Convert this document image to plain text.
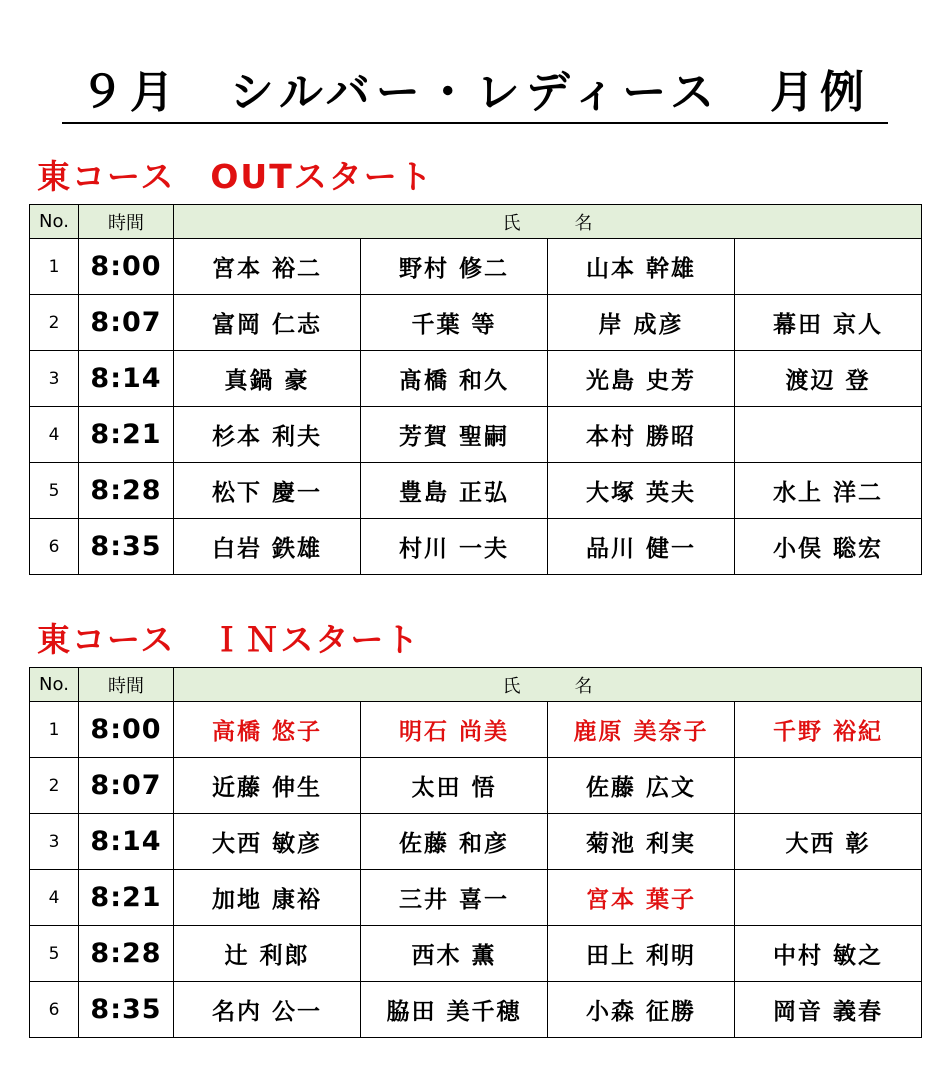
９月　シルバー・レディース　月例
東コース　OUTスタート
No.	時間	氏　　　名			
1	8:00	宮本 裕二	野村 修二	山本 幹雄	
2	8:07	富岡 仁志	千葉 等	岸 成彦	幕田 京人
3	8:14	真鍋 豪	髙橋 和久	光島 史芳	渡辺 登
4	8:21	杉本 利夫	芳賀 聖嗣	本村 勝昭	
5	8:28	松下 慶一	豊島 正弘	大塚 英夫	水上 洋二
6	8:35	白岩 鉄雄	村川 一夫	品川 健一	小俣 聡宏
東コース　ＩＮスタート
No.	時間	氏　　　名			
1	8:00	高橋 悠子	明石 尚美	鹿原 美奈子	千野 裕紀
2	8:07	近藤 伸生	太田 悟	佐藤 広文	
3	8:14	大西 敏彦	佐藤 和彦	菊池 利実	大西 彰
4	8:21	加地 康裕	三井 喜一	宮本 葉子	
5	8:28	辻 利郎	西木 薫	田上 利明	中村 敏之
6	8:35	名内 公一	脇田 美千穂	小森 征勝	岡音 義春
